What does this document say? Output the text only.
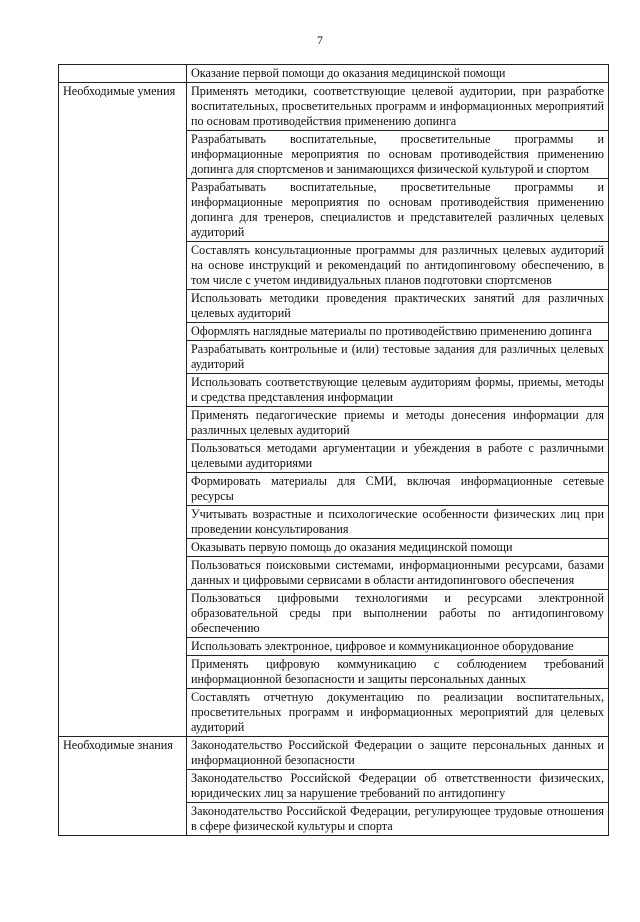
7
	Оказание первой помощи до оказания медицинской помощи
Необходимые умения	Применять методики, соответствующие целевой аудитории, при разработке воспитательных, просветительных программ и информационных мероприятий по основам противодействия применению допинга
	Разрабатывать воспитательные, просветительные программы и информационные мероприятия по основам противодействия применению допинга для спортсменов и занимающихся физической культурой и спортом
	Разрабатывать воспитательные, просветительные программы и информационные мероприятия по основам противодействия применению допинга для тренеров, специалистов и представителей различных целевых аудиторий
	Составлять консультационные программы для различных целевых аудиторий на основе инструкций и рекомендаций по антидопинговому обеспечению, в том числе с учетом индивидуальных планов подготовки спортсменов
	Использовать методики проведения практических занятий для различных целевых аудиторий
	Оформлять наглядные материалы по противодействию применению допинга
	Разрабатывать контрольные и (или) тестовые задания для различных целевых аудиторий
	Использовать соответствующие целевым аудиториям формы, приемы, методы и средства представления информации
	Применять педагогические приемы и методы донесения информации для различных целевых аудиторий
	Пользоваться методами аргументации и убеждения в работе с различными целевыми аудиториями
	Формировать материалы для СМИ, включая информационные сетевые ресурсы
	Учитывать возрастные и психологические особенности физических лиц при проведении консультирования
	Оказывать первую помощь до оказания медицинской помощи
	Пользоваться поисковыми системами, информационными ресурсами, базами данных и цифровыми сервисами в области антидопингового обеспечения
	Пользоваться цифровыми технологиями и ресурсами электронной образовательной среды при выполнении работы по антидопинговому обеспечению
	Использовать электронное, цифровое и коммуникационное оборудование
	Применять цифровую коммуникацию с соблюдением требований информационной безопасности и защиты персональных данных
	Составлять отчетную документацию по реализации воспитательных, просветительных программ и информационных мероприятий для целевых аудиторий
Необходимые знания	Законодательство Российской Федерации о защите персональных данных и информационной безопасности
	Законодательство Российской Федерации об ответственности физических, юридических лиц за нарушение требований по антидопингу
	Законодательство Российской Федерации, регулирующее трудовые отношения в сфере физической культуры и спорта
